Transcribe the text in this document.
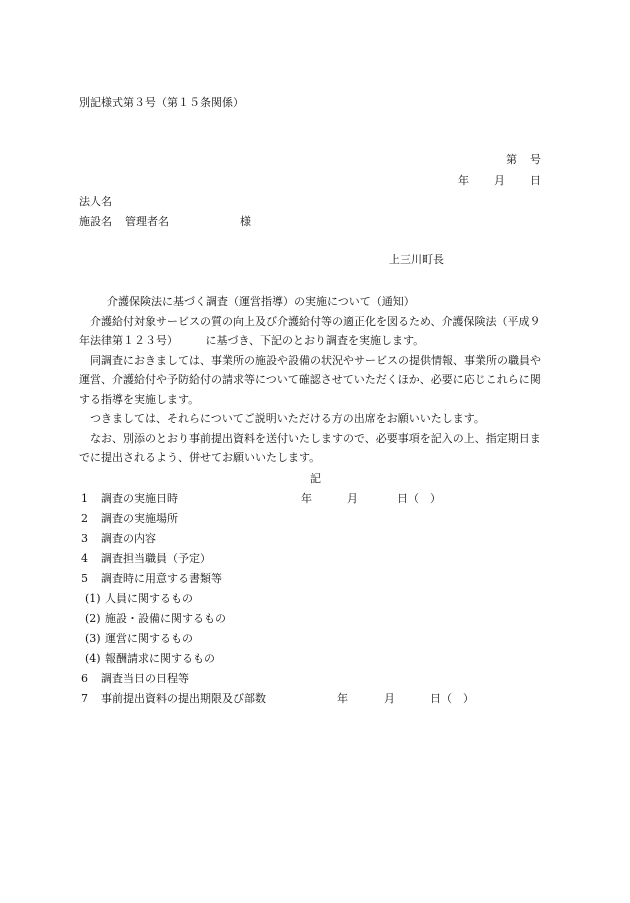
別記様式第３号（第１５条関係）
第 号
年 月 日
法人名
施設名 管理者名	様
上三川町長

介護保険法に基づく調査（運営指導）の実施について（通知）

介護給付対象サービスの質の向上及び介護給付等の適正化を図るため、介護保険法（平成９年法律第１２３号）　　　に基づき、下記のとおり調査を実施します。

同調査におきましては、事業所の施設や設備の状況やサービスの提供情報、事業所の職員や運営、介護給付や予防給付の請求等について確認させていただくほか、必要に応じこれらに関する指導を実施します。

つきましては、それらについてご説明いただける方の出席をお願いいたします。

なお、別添のとおり事前提出資料を送付いたしますので、必要事項を記入の上、指定期日までに提出されるよう、併せてお願いいたします。

記
1	調査の実施日時	年	月	日（　）
2	調査の実施場所
3	調査の内容
4	調査担当職員（予定）
5	調査時に用意する書類等
(1) 人員に関するもの
(2) 施設・設備に関するもの
(3) 運営に関するもの
(4) 報酬請求に関するもの
6	調査当日の日程等
7	事前提出資料の提出期限及び部数	年	月	日（　）
